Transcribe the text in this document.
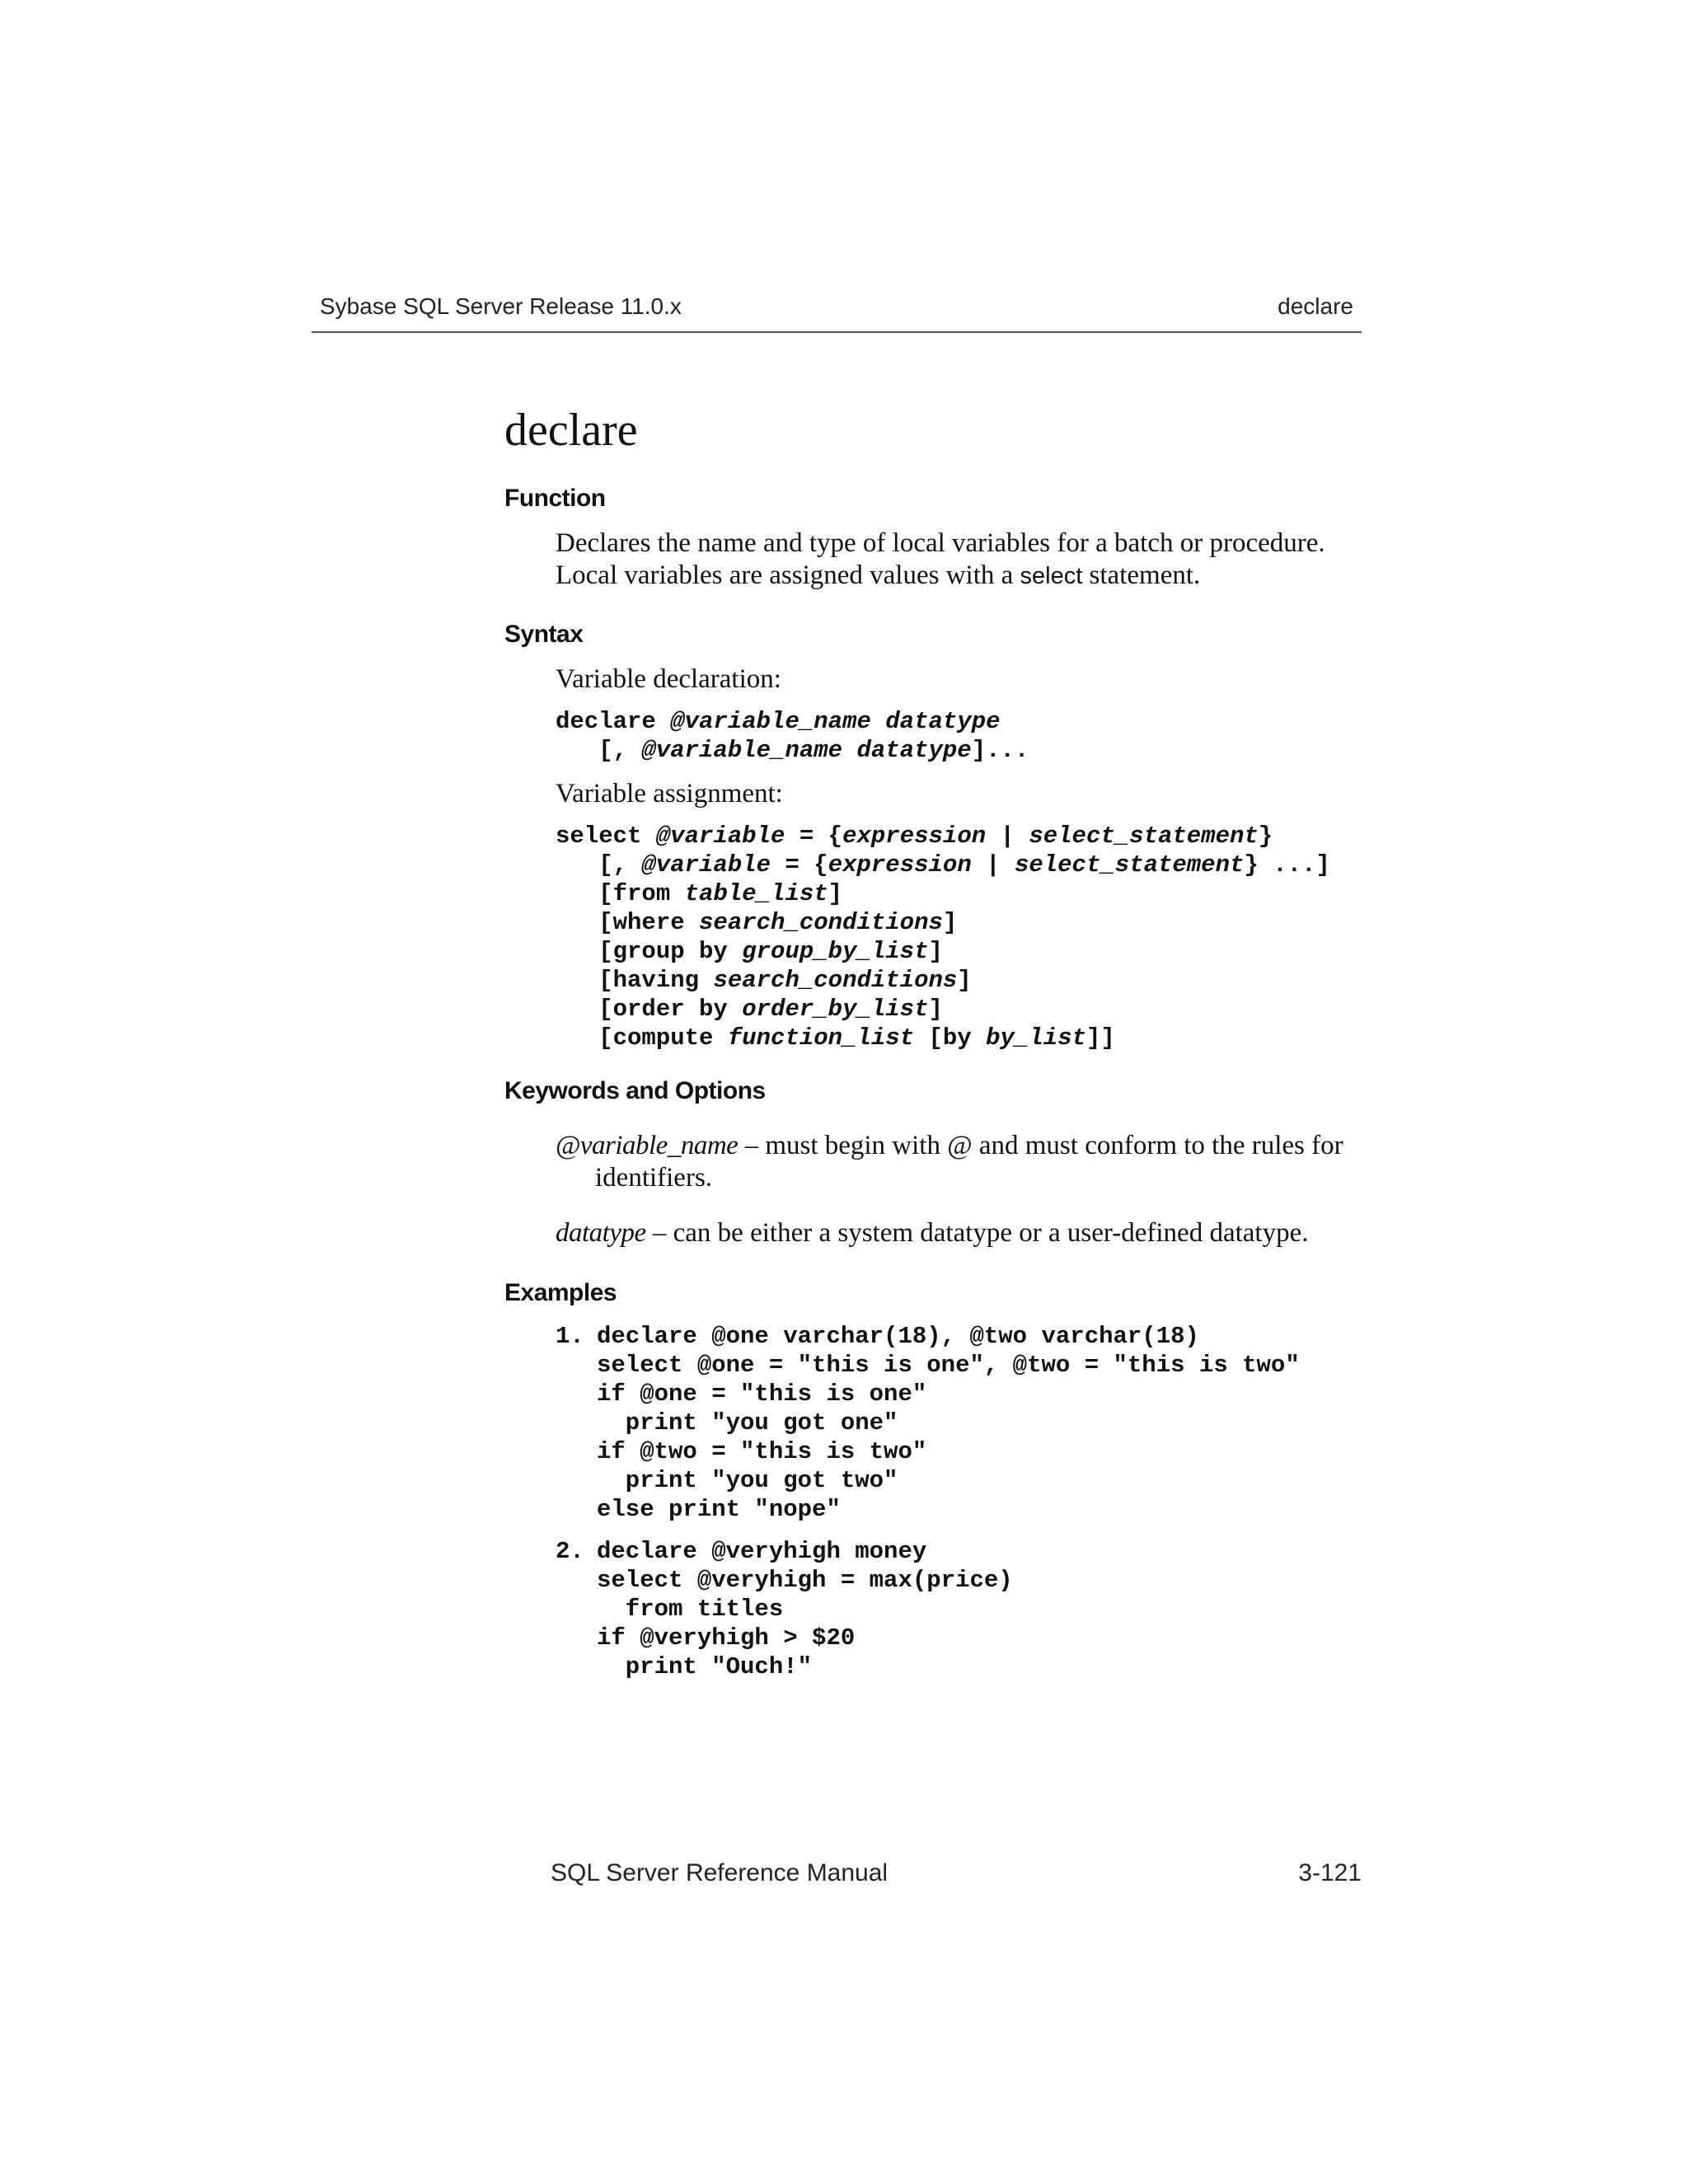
Sybase SQL Server Release 11.0.x	declare
declare
Function
Declares the name and type of local variables for a batch or procedure. Local variables are assigned values with a select statement.
Syntax
Variable declaration:
declare @variable_name datatype
[, @variable_name datatype]...
Variable assignment:
select @variable = {expression | select_statement}
[, @variable = {expression | select_statement} ...]
[from table_list]
[where search_conditions]
[group by group_by_list]
[having search_conditions]
[order by order_by_list]
[compute function_list [by by_list]]
Keywords and Options
@variable_name – must begin with @ and must conform to the rules for identifiers.
datatype – can be either a system datatype or a user-defined datatype.
Examples
1. declare @one varchar(18), @two varchar(18)
select @one = "this is one", @two = "this is two"
if @one = "this is one"
print "you got one"
if @two = "this is two"
print "you got two"
else print "nope"
2. declare @veryhigh money
select @veryhigh = max(price)
from titles
if @veryhigh > $20
print "Ouch!"
SQL Server Reference Manual	3-121
